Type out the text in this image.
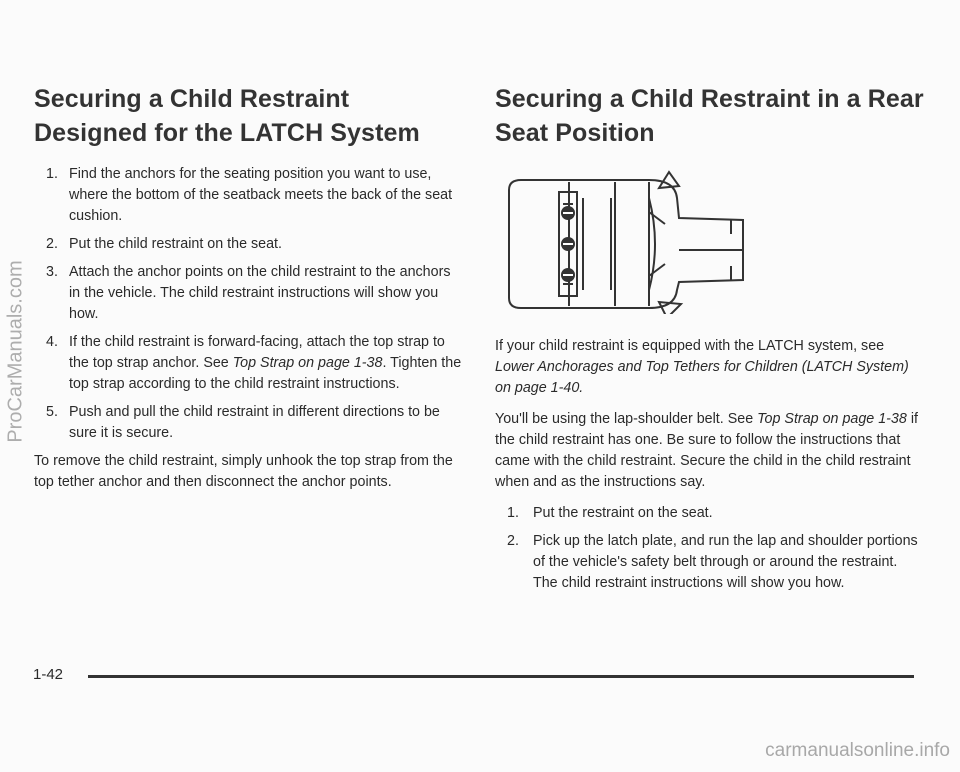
Securing a Child Restraint Designed for the LATCH System
1. Find the anchors for the seating position you want to use, where the bottom of the seatback meets the back of the seat cushion.
2. Put the child restraint on the seat.
3. Attach the anchor points on the child restraint to the anchors in the vehicle. The child restraint instructions will show you how.
4. If the child restraint is forward-facing, attach the top strap to the top strap anchor. See Top Strap on page 1-38. Tighten the top strap according to the child restraint instructions.
5. Push and pull the child restraint in different directions to be sure it is secure.

To remove the child restraint, simply unhook the top strap from the top tether anchor and then disconnect the anchor points.

Securing a Child Restraint in a Rear Seat Position

If your child restraint is equipped with the LATCH system, see Lower Anchorages and Top Tethers for Children (LATCH System) on page 1-40.

You'll be using the lap-shoulder belt. See Top Strap on page 1-38 if the child restraint has one. Be sure to follow the instructions that came with the child restraint. Secure the child in the child restraint when and as the instructions say.

1. Put the restraint on the seat.
2. Pick up the latch plate, and run the lap and shoulder portions of the vehicle's safety belt through or around the restraint. The child restraint instructions will show you how.
1-42
ProCarManuals.com
carmanualsonline.info
